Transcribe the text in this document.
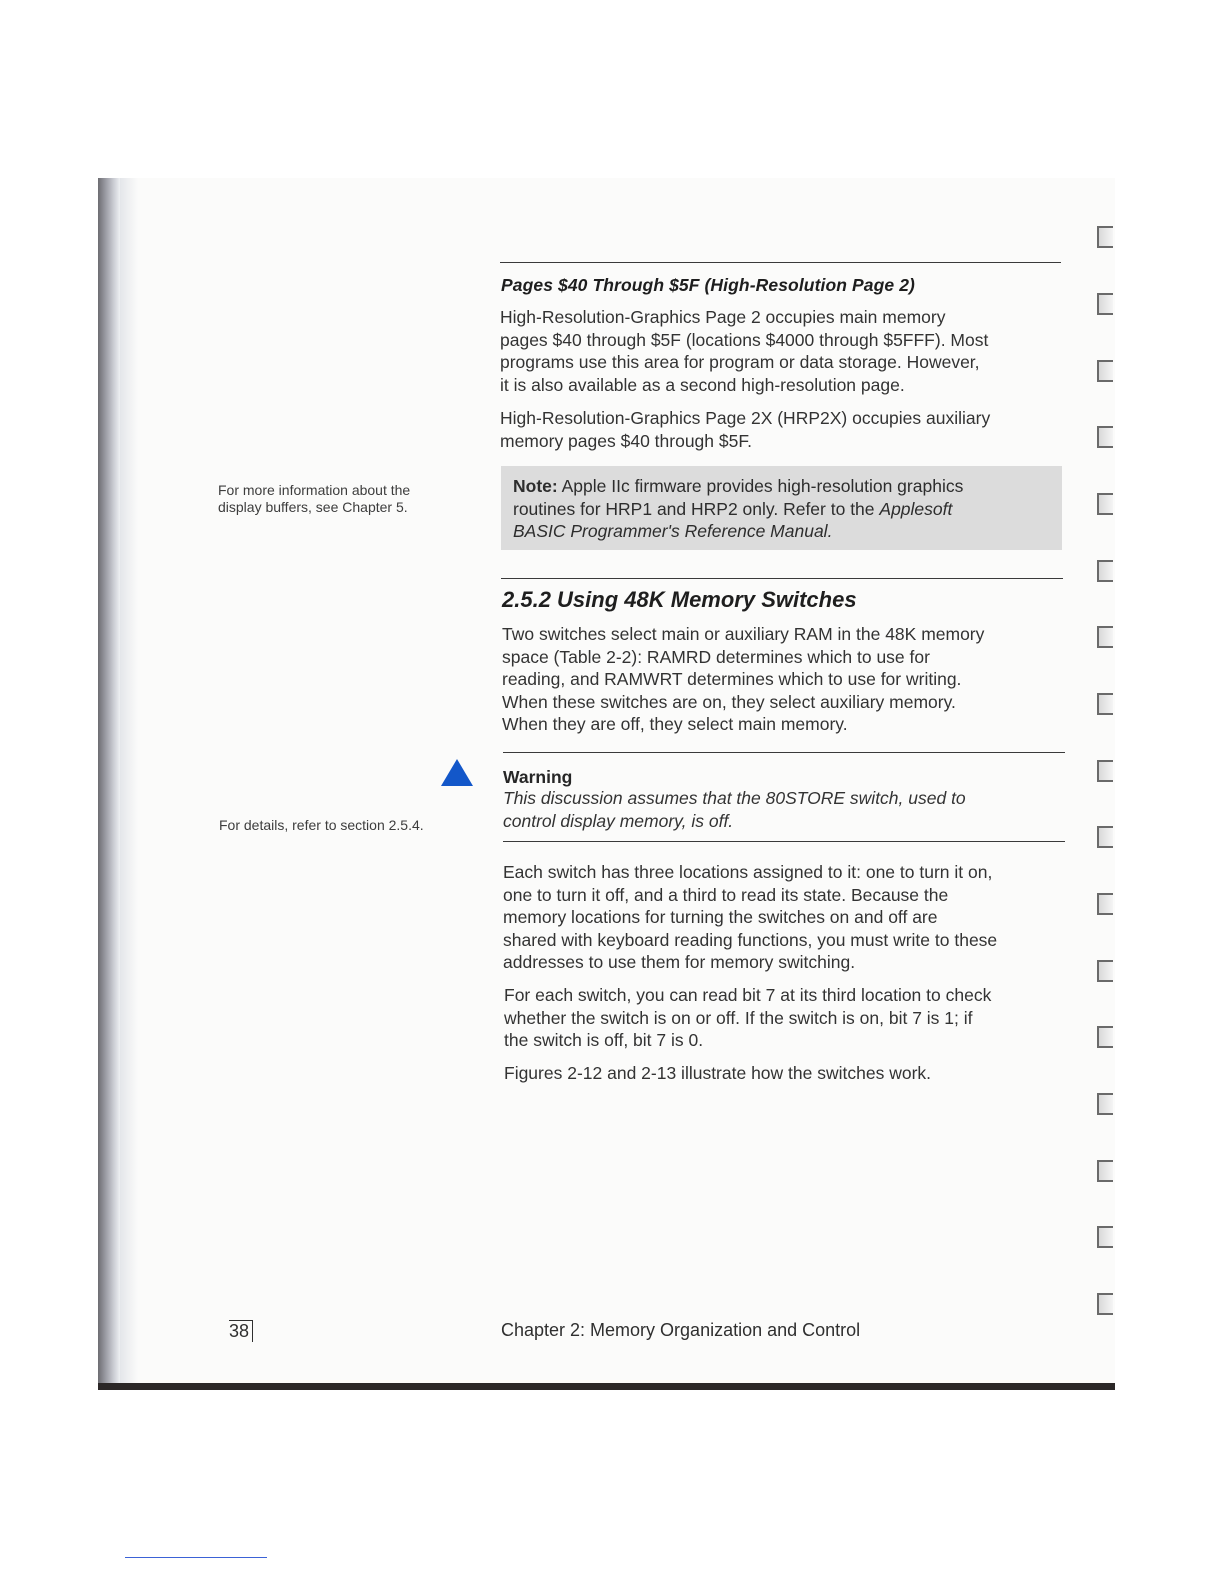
Pages $40 Through $5F (High-Resolution Page 2)

High-Resolution-Graphics Page 2 occupies main memory
pages $40 through $5F (locations $4000 through $5FFF). Most
programs use this area for program or data storage. However,
it is also available as a second high-resolution page.
High-Resolution-Graphics Page 2X (HRP2X) occupies auxiliary
memory pages $40 through $5F.
For more information about the
display buffers, see Chapter 5.
Note: Apple IIc firmware provides high-resolution graphics
routines for HRP1 and HRP2 only. Refer to the Applesoft
BASIC Programmer's Reference Manual.

2.5.2 Using 48K Memory Switches

Two switches select main or auxiliary RAM in the 48K memory
space (Table 2-2): RAMRD determines which to use for
reading, and RAMWRT determines which to use for writing.
When these switches are on, they select auxiliary memory.
When they are off, they select main memory.

Warning

This discussion assumes that the 80STORE switch, used to
control display memory, is off.

For details, refer to section 2.5.4.

Each switch has three locations assigned to it: one to turn it on,
one to turn it off, and a third to read its state. Because the
memory locations for turning the switches on and off are
shared with keyboard reading functions, you must write to these
addresses to use them for memory switching.
For each switch, you can read bit 7 at its third location to check
whether the switch is on or off. If the switch is on, bit 7 is 1; if
the switch is off, bit 7 is 0.

Figures 2-12 and 2-13 illustrate how the switches work.

38	Chapter 2: Memory Organization and Control
